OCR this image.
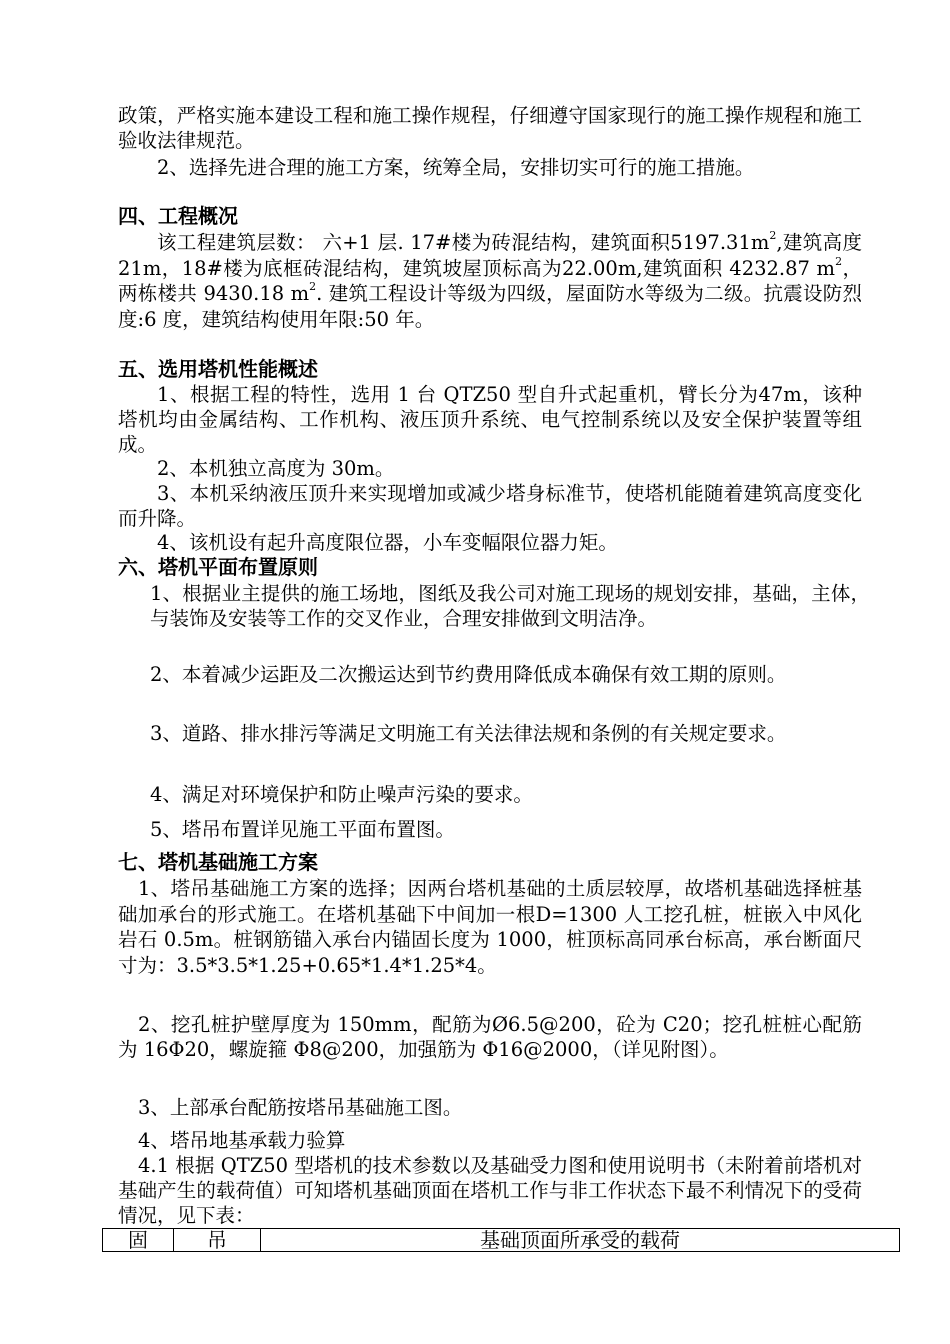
政策，严格实施本建设工程和施工操作规程，仔细遵守国家现行的施工操作规程和施工验收法律规范。
2、选择先进合理的施工方案，统筹全局，安排切实可行的施工措施。
四、工程概况
该工程建筑层数： 六+1 层. 17#楼为砖混结构，建筑面积$5197.31m^2$,建筑高度 21m，18#楼为底框砖混结构，建筑坡屋顶标高为22.00m,建筑面积 4232.87 $m^2$，两栋楼共 9430.18 $m^2$. 建筑工程设计等级为四级，屋面防水等级为二级。抗震设防烈度:6 度，建筑结构使用年限:50 年。
五、选用塔机性能概述
1、根据工程的特性，选用 1 台 QTZ50 型自升式起重机，臂长分为47m，该种塔机均由金属结构、工作机构、液压顶升系统、电气控制系统以及安全保护装置等组成。
2、本机独立高度为 30m。
3、本机采纳液压顶升来实现增加或减少塔身标准节，使塔机能随着建筑高度变化而升降。
4、该机设有起升高度限位器，小车变幅限位器力矩。
六、塔机平面布置原则
1、根据业主提供的施工场地，图纸及我公司对施工现场的规划安排，基础，主体，与装饰及安装等工作的交叉作业，合理安排做到文明洁净。
2、本着减少运距及二次搬运达到节约费用降低成本确保有效工期的原则。
3、道路、排水排污等满足文明施工有关法律法规和条例的有关规定要求。
4、满足对环境保护和防止噪声污染的要求。
5、塔吊布置详见施工平面布置图。
七、塔机基础施工方案
1、塔吊基础施工方案的选择；因两台塔机基础的土质层较厚，故塔机基础选择桩基础加承台的形式施工。在塔机基础下中间加一根D=1300 人工挖孔桩，桩嵌入中风化岩石 0.5m。桩钢筋锚入承台内锚固长度为 1000，桩顶标高同承台标高，承台断面尺寸为：3.5*3.5*1.25+0.65*1.4*1.25*4。
2、挖孔桩护壁厚度为 150mm，配筋为Ø6.5@200，砼为 C20；挖孔桩桩心配筋为 16Φ20，螺旋箍 Φ8@200，加强筋为 Φ16@2000，（详见附图）。
3、上部承台配筋按塔吊基础施工图。
4、塔吊地基承载力验算
4.1 根据 QTZ50 型塔机的技术参数以及基础受力图和使用说明书（未附着前塔机对基础产生的载荷值）可知塔机基础顶面在塔机工作与非工作状态下最不利情况下的受荷情况，见下表：
固	吊	基础顶面所承受的载荷
